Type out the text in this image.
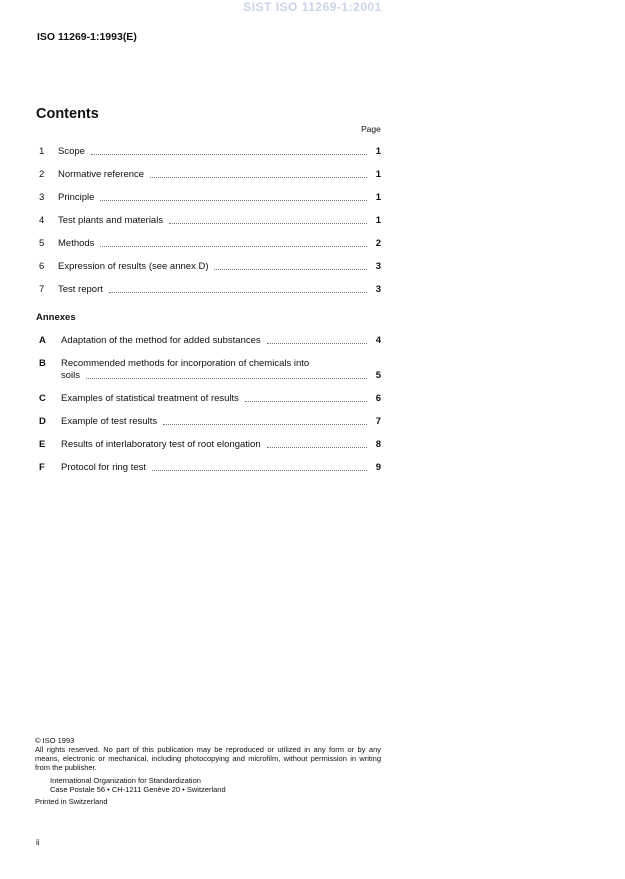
SIST ISO 11269-1:2001
ISO 11269-1:1993(E)
Contents
Page
1	Scope	1
2	Normative reference	1
3	Principle	1
4	Test plants and materials	1
5	Methods	2
6	Expression of results (see annex D)	3
7	Test report	3
Annexes
A	Adaptation of the method for added substances	4
B Recommended methods for incorporation of chemicals into
soils	5
C	Examples of statistical treatment of results	6
D	Example of test results	7
E	Results of interlaboratory test of root elongation	8
F	Protocol for ring test	9
© ISO 1993
All rights reserved. No part of this publication may be reproduced or utilized in any form or by any means, electronic or mechanical, including photocopying and microfilm, without permission in writing from the publisher.
International Organization for Standardization
Case Postale 56 • CH-1211 Genève 20 • Switzerland
Printed in Switzerland
ii
